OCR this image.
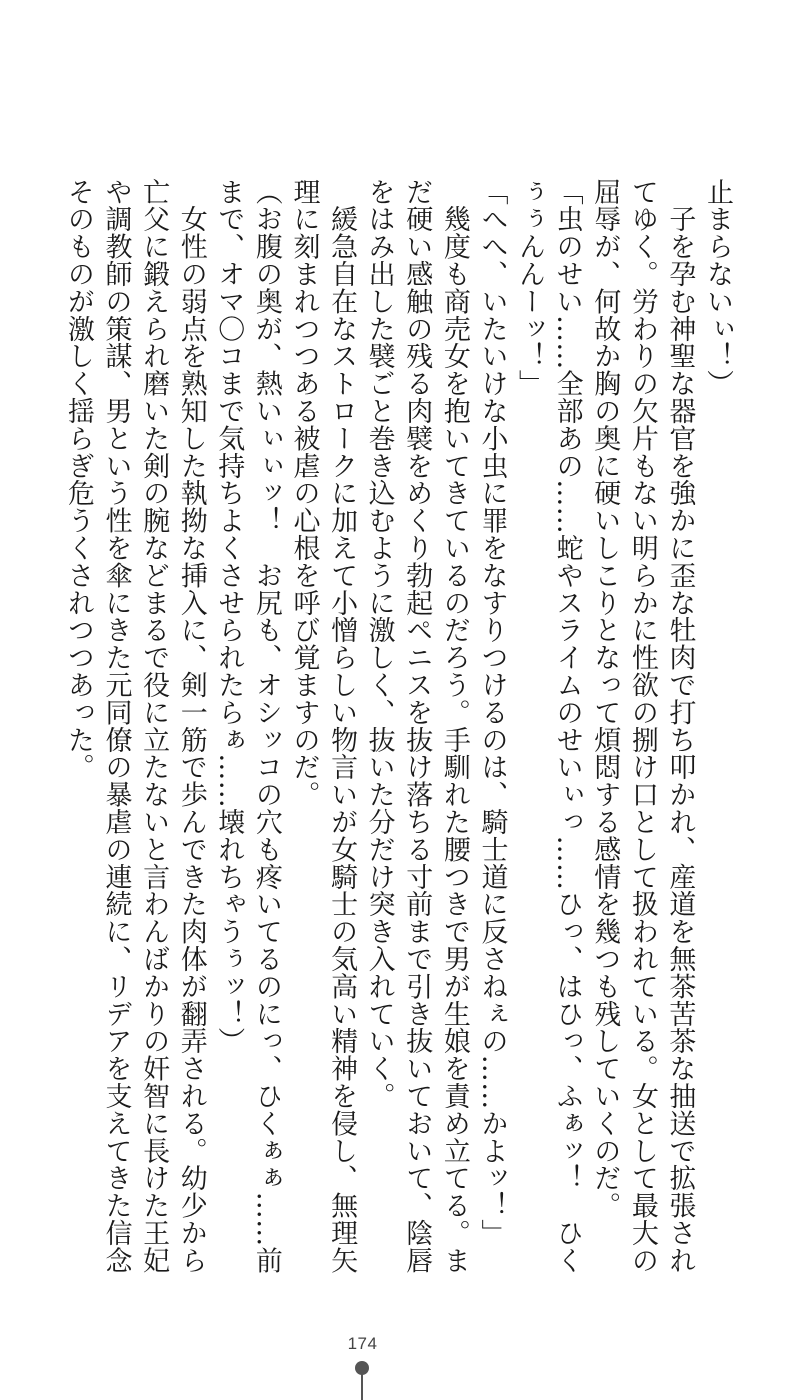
止まらないぃ！）
　子を孕む神聖な器官を強かに歪な牡肉で打ち叩かれ、産道を無茶苦茶な抽送で拡張され
てゆく。労わりの欠片もない明らかに性欲の捌け口として扱われている。女として最大の
屈辱が、何故か胸の奥に硬いしこりとなって煩悶する感情を幾つも残していくのだ。
「虫のせい……全部あの……蛇やスライムのせいぃっ……ひっ、はひっ、ふぁッ！　ひく
ぅぅんんーッ！」
「へへ、いたいけな小虫に罪をなすりつけるのは、騎士道に反さねぇの……かよッ！」
　幾度も商売女を抱いてきているのだろう。手馴れた腰つきで男が生娘を責め立てる。ま
だ硬い感触の残る肉襞をめくり勃起ペニスを抜け落ちる寸前まで引き抜いておいて、陰唇
をはみ出した襞ごと巻き込むように激しく、抜いた分だけ突き入れていく。
　緩急自在なストロークに加えて小憎らしい物言いが女騎士の気高い精神を侵し、無理矢
理に刻まれつつある被虐の心根を呼び覚ますのだ。
（お腹の奥が、熱いぃぃッ！　お尻も、オシッコの穴も疼いてるのにっ、ひくぁぁ……前
まで、オマ〇コまで気持ちよくさせられたらぁ……壊れちゃうぅッ！）
　女性の弱点を熟知した執拗な挿入に、剣一筋で歩んできた肉体が翻弄される。幼少から
亡父に鍛えられ磨いた剣の腕などまるで役に立たないと言わんばかりの奸智に長けた王妃
や調教師の策謀、男という性を傘にきた元同僚の暴虐の連続に、リデアを支えてきた信念
そのものが激しく揺らぎ危うくされつつあった。
174
